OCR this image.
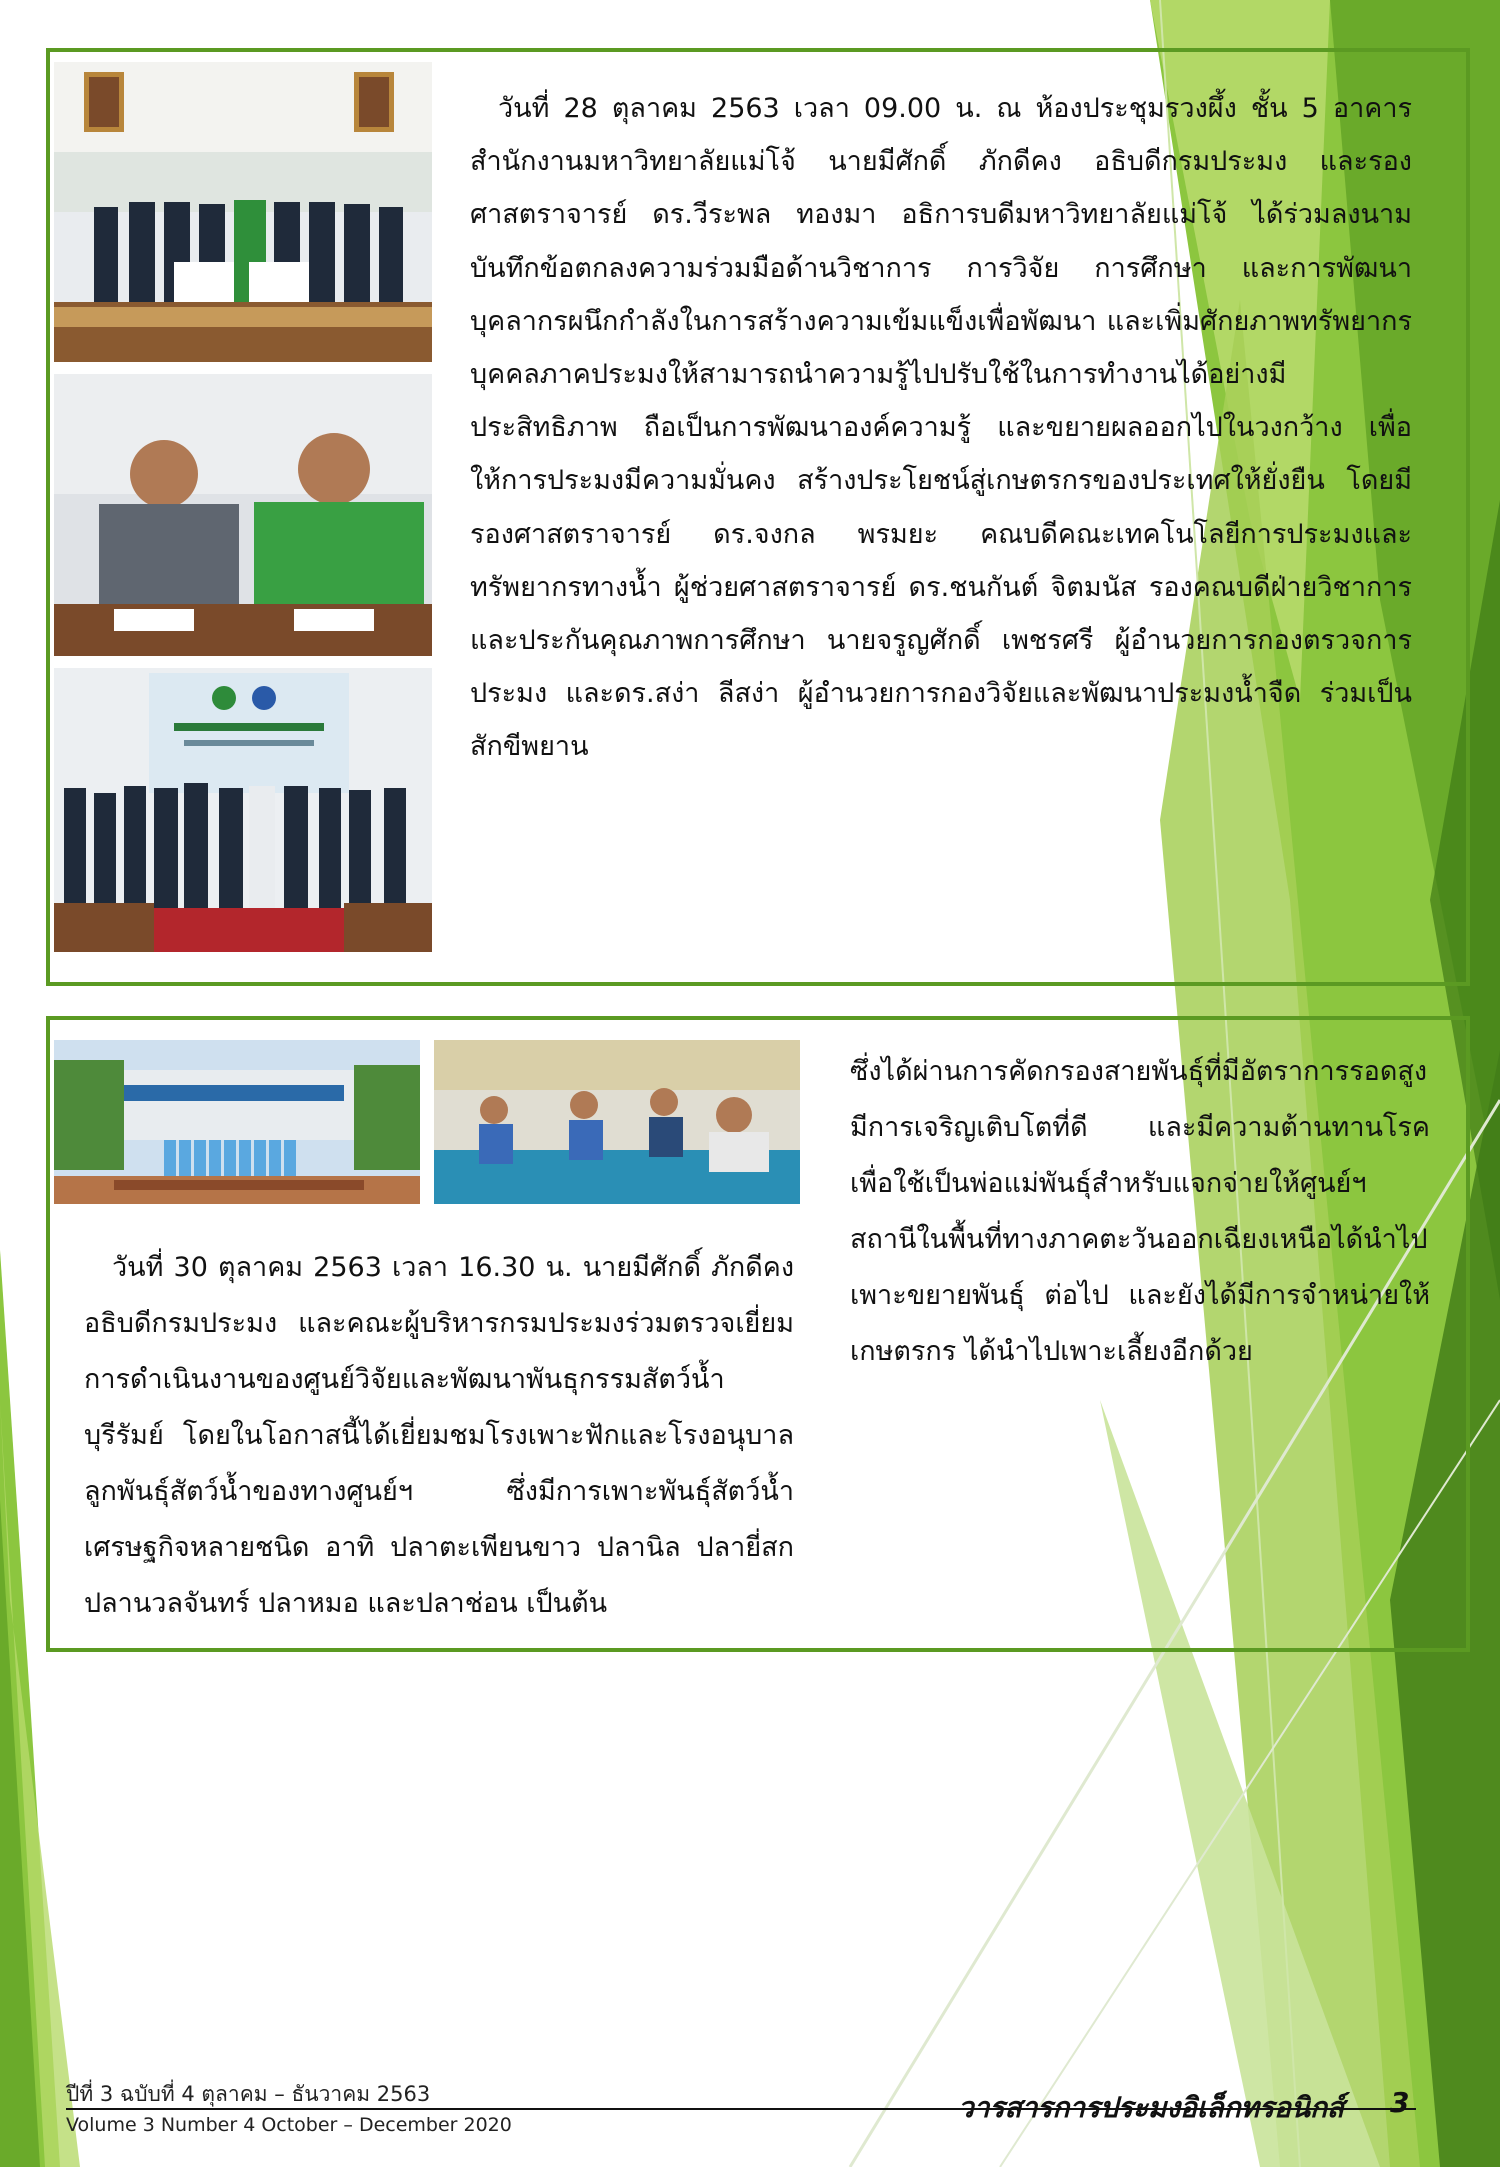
วันที่ 28 ตุลาคม 2563 เวลา 09.00 น. ณ ห้องประชุมรวงผึ้ง ชั้น 5 อาคารสำนักงานมหาวิทยาลัยแม่โจ้ นายมีศักดิ์ ภักดีคง อธิบดีกรมประมง และรองศาสตราจารย์ ดร.วีระพล ทองมา อธิการบดีมหาวิทยาลัยแม่โจ้ ได้ร่วมลงนามบันทึกข้อตกลงความร่วมมือด้านวิชาการ การวิจัย การศึกษา และการพัฒนาบุคลากรผนึกกำลังในการสร้างความเข้มแข็งเพื่อพัฒนา และเพิ่มศักยภาพทรัพยากรบุคคลภาคประมงให้สามารถนำความรู้ไปปรับใช้ในการทำงานได้อย่างมีประสิทธิภาพ ถือเป็นการพัฒนาองค์ความรู้ และขยายผลออกไปในวงกว้าง เพื่อให้การประมงมีความมั่นคง สร้างประโยชน์สู่เกษตรกรของประเทศให้ยั่งยืน โดยมีรองศาสตราจารย์ ดร.จงกล พรมยะ คณบดีคณะเทคโนโลยีการประมงและทรัพยากรทางน้ำ ผู้ช่วยศาสตราจารย์ ดร.ชนกันต์ จิตมนัส รองคณบดีฝ่ายวิชาการและประกันคุณภาพการศึกษา นายจรูญศักดิ์ เพชรศรี ผู้อำนวยการกองตรวจการประมง และดร.สง่า ลีสง่า ผู้อำนวยการกองวิจัยและพัฒนาประมงน้ำจืด ร่วมเป็นสักขีพยาน

วันที่ 30 ตุลาคม 2563 เวลา 16.30 น. นายมีศักดิ์ ภักดีคง อธิบดีกรมประมง และคณะผู้บริหารกรมประมงร่วมตรวจเยี่ยมการดำเนินงานของศูนย์วิจัยและพัฒนาพันธุกรรมสัตว์น้ำบุรีรัมย์ โดยในโอกาสนี้ได้เยี่ยมชมโรงเพาะฟักและโรงอนุบาลลูกพันธุ์สัตว์น้ำของทางศูนย์ฯ ซึ่งมีการเพาะพันธุ์สัตว์น้ำเศรษฐกิจหลายชนิด อาทิ ปลาตะเพียนขาว ปลานิล ปลายี่สก ปลานวลจันทร์ ปลาหมอ และปลาช่อน เป็นต้น

ซึ่งได้ผ่านการคัดกรองสายพันธุ์ที่มีอัตราการรอดสูง มีการเจริญเติบโตที่ดี และมีความต้านทานโรค เพื่อใช้เป็นพ่อแม่พันธุ์สำหรับแจกจ่ายให้ศูนย์ฯ สถานีในพื้นที่ทางภาคตะวันออกเฉียงเหนือได้นำไป เพาะขยายพันธุ์ ต่อไป และยังได้มีการจำหน่ายให้เกษตรกร ได้นำไปเพาะเลี้ยงอีกด้วย

ปีที่ 3 ฉบับที่ 4 ตุลาคม – ธันวาคม 2563
Volume 3 Number 4 October – December 2020
วารสารการประมงอิเล็กทรอนิกส์ 3
